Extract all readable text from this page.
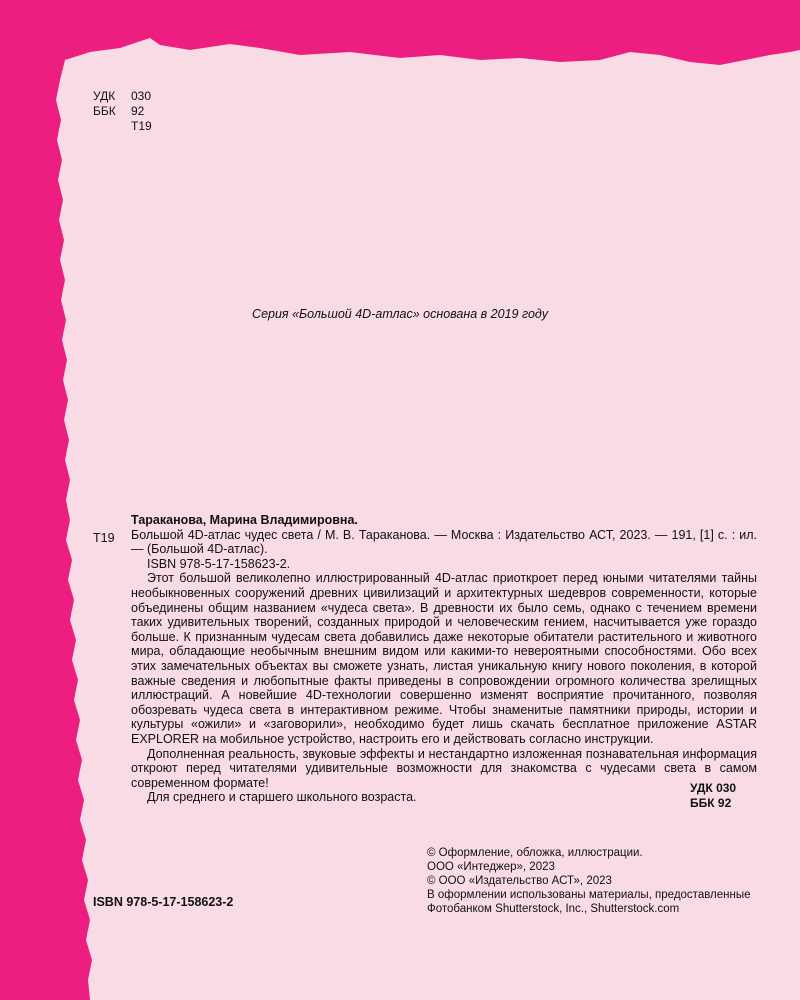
УДК 030
ББК 92
Т19
Серия «Большой 4D-атлас» основана в 2019 году
Т19

Тараканова, Марина Владимировна.

Большой 4D-атлас чудес света / М. В. Тараканова. — Москва : Издательство АСТ, 2023. — 191, [1] с. : ил. — (Большой 4D-атлас).

ISBN 978-5-17-158623-2.

Этот большой великолепно иллюстрированный 4D-атлас приоткроет перед юными читателями тайны необыкновенных сооружений древних цивилизаций и архитектурных шедевров современности, которые объединены общим названием «чудеса света». В древности их было семь, однако с течением времени таких удивительных творений, созданных природой и человеческим гением, насчитывается уже гораздо больше. К признанным чудесам света добавились даже некоторые обитатели растительного и животного мира, обладающие необычным внешним видом или какими-то невероятными способностями. Обо всех этих замечательных объектах вы сможете узнать, листая уникальную книгу нового поколения, в которой важные сведения и любопытные факты приведены в сопровождении огромного количества зрелищных иллюстраций. А новейшие 4D-технологии совершенно изменят восприятие прочитанного, позволяя обозревать чудеса света в интерактивном режиме. Чтобы знаменитые памятники природы, истории и культуры «ожили» и «заговорили», необходимо будет лишь скачать бесплатное приложение ASTAR EXPLORER на мобильное устройство, настроить его и действовать согласно инструкции.

Дополненная реальность, звуковые эффекты и нестандартно изложенная познавательная информация откроют перед читателями удивительные возможности для знакомства с чудесами света в самом современном формате!

Для среднего и старшего школьного возраста.

УДК 030
ББК 92

© Оформление, обложка, иллюстрации.

ООО «Интеджер», 2023

© ООО «Издательство АСТ», 2023

В оформлении использованы материалы, предоставленные

Фотобанком Shutterstock, Inc., Shutterstock.com

ISBN 978-5-17-158623-2
